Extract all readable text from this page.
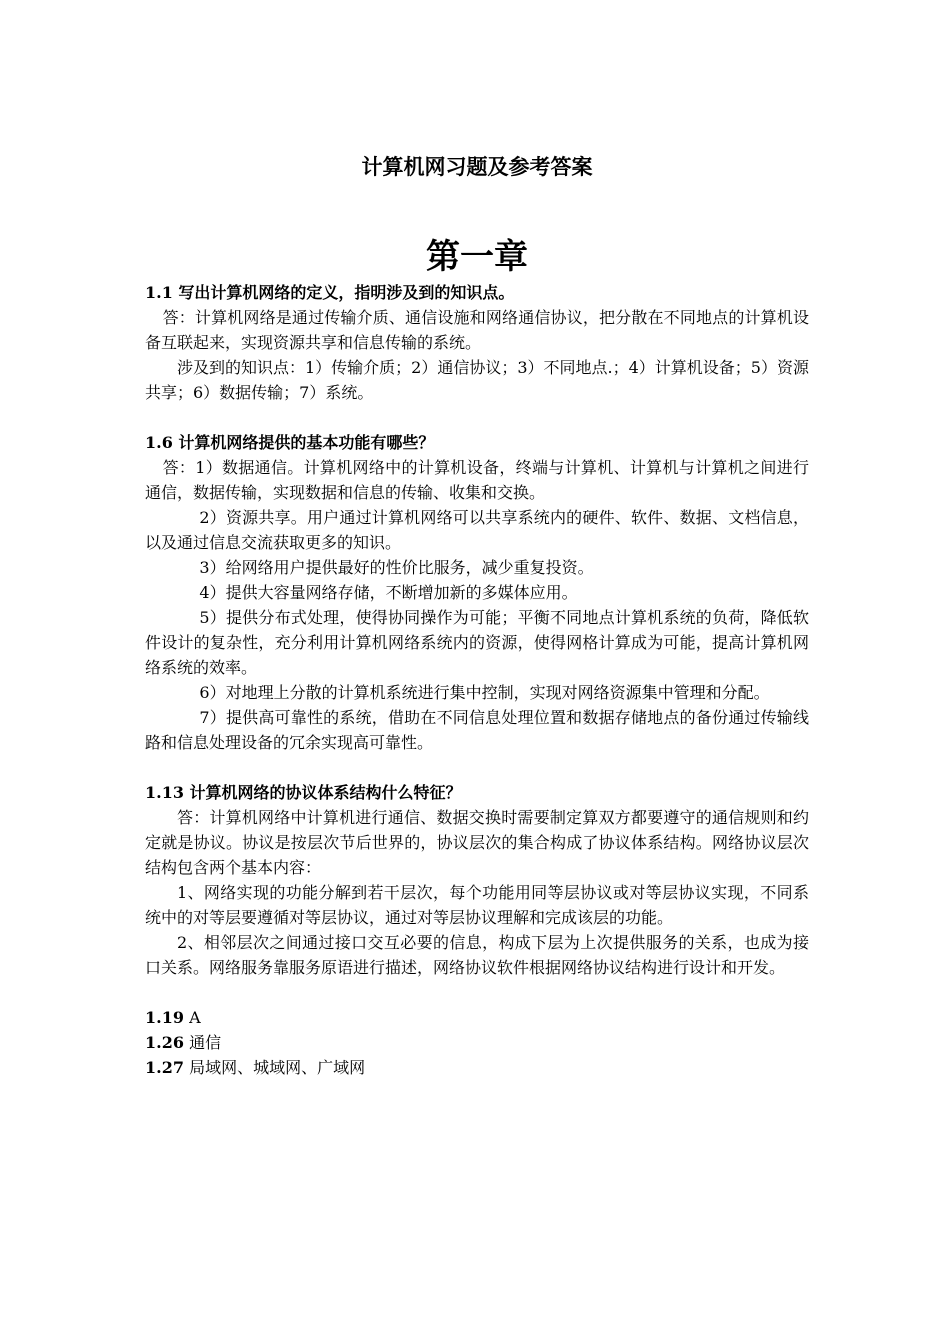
计算机网习题及参考答案
第一章

1.1 写出计算机网络的定义，指明涉及到的知识点。

答：计算机网络是通过传输介质、通信设施和网络通信协议，把分散在不同地点的计算机设备互联起来，实现资源共享和信息传输的系统。

涉及到的知识点：1）传输介质；2）通信协议；3）不同地点.；4）计算机设备；5）资源共享；6）数据传输；7）系统。

1.6 计算机网络提供的基本功能有哪些？

答：1）数据通信。计算机网络中的计算机设备，终端与计算机、计算机与计算机之间进行通信，数据传输，实现数据和信息的传输、收集和交换。

2）资源共享。用户通过计算机网络可以共享系统内的硬件、软件、数据、文档信息，以及通过信息交流获取更多的知识。

3）给网络用户提供最好的性价比服务，减少重复投资。

4）提供大容量网络存储，不断增加新的多媒体应用。

5）提供分布式处理，使得协同操作为可能；平衡不同地点计算机系统的负荷，降低软件设计的复杂性，充分利用计算机网络系统内的资源，使得网格计算成为可能，提高计算机网络系统的效率。

6）对地理上分散的计算机系统进行集中控制，实现对网络资源集中管理和分配。

7）提供高可靠性的系统，借助在不同信息处理位置和数据存储地点的备份通过传输线路和信息处理设备的冗余实现高可靠性。

1.13 计算机网络的协议体系结构什么特征？

答：计算机网络中计算机进行通信、数据交换时需要制定算双方都要遵守的通信规则和约定就是协议。协议是按层次节后世界的，协议层次的集合构成了协议体系结构。网络协议层次结构包含两个基本内容：

1、网络实现的功能分解到若干层次，每个功能用同等层协议或对等层协议实现，不同系统中的对等层要遵循对等层协议，通过对等层协议理解和完成该层的功能。

2、相邻层次之间通过接口交互必要的信息，构成下层为上次提供服务的关系，也成为接口关系。网络服务靠服务原语进行描述，网络协议软件根据网络协议结构进行设计和开发。

1.19 A

1.26 通信

1.27 局域网、城域网、广域网
